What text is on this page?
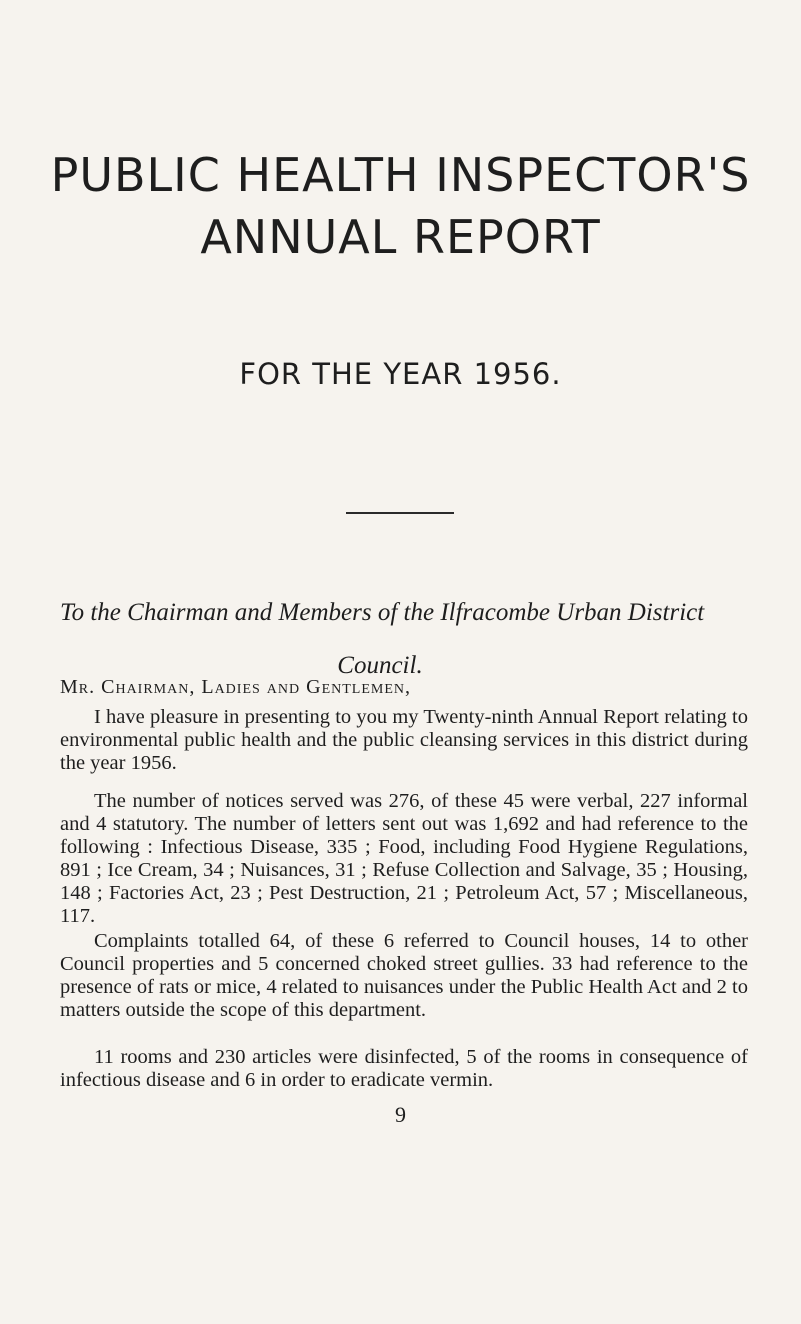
PUBLIC HEALTH INSPECTOR'S
ANNUAL REPORT
FOR THE YEAR 1956.
To the Chairman and Members of the Ilfracombe Urban District
Council.
Mr. Chairman, Ladies and Gentlemen,

I have pleasure in presenting to you my Twenty-ninth Annual Report relating to environmental public health and the public cleansing services in this district during the year 1956.

The number of notices served was 276, of these 45 were verbal, 227 informal and 4 statutory. The number of letters sent out was 1,692 and had reference to the following : Infectious Disease, 335 ; Food, including Food Hygiene Regulations, 891 ; Ice Cream, 34 ; Nuisances, 31 ; Refuse Collection and Salvage, 35 ; Housing, 148 ; Factories Act, 23 ; Pest Destruction, 21 ; Petroleum Act, 57 ; Miscellaneous, 117.

Complaints totalled 64, of these 6 referred to Council houses, 14 to other Council properties and 5 concerned choked street gullies. 33 had reference to the presence of rats or mice, 4 related to nuisances under the Public Health Act and 2 to matters outside the scope of this department.

11 rooms and 230 articles were disinfected, 5 of the rooms in consequence of infectious disease and 6 in order to eradicate vermin.

9
